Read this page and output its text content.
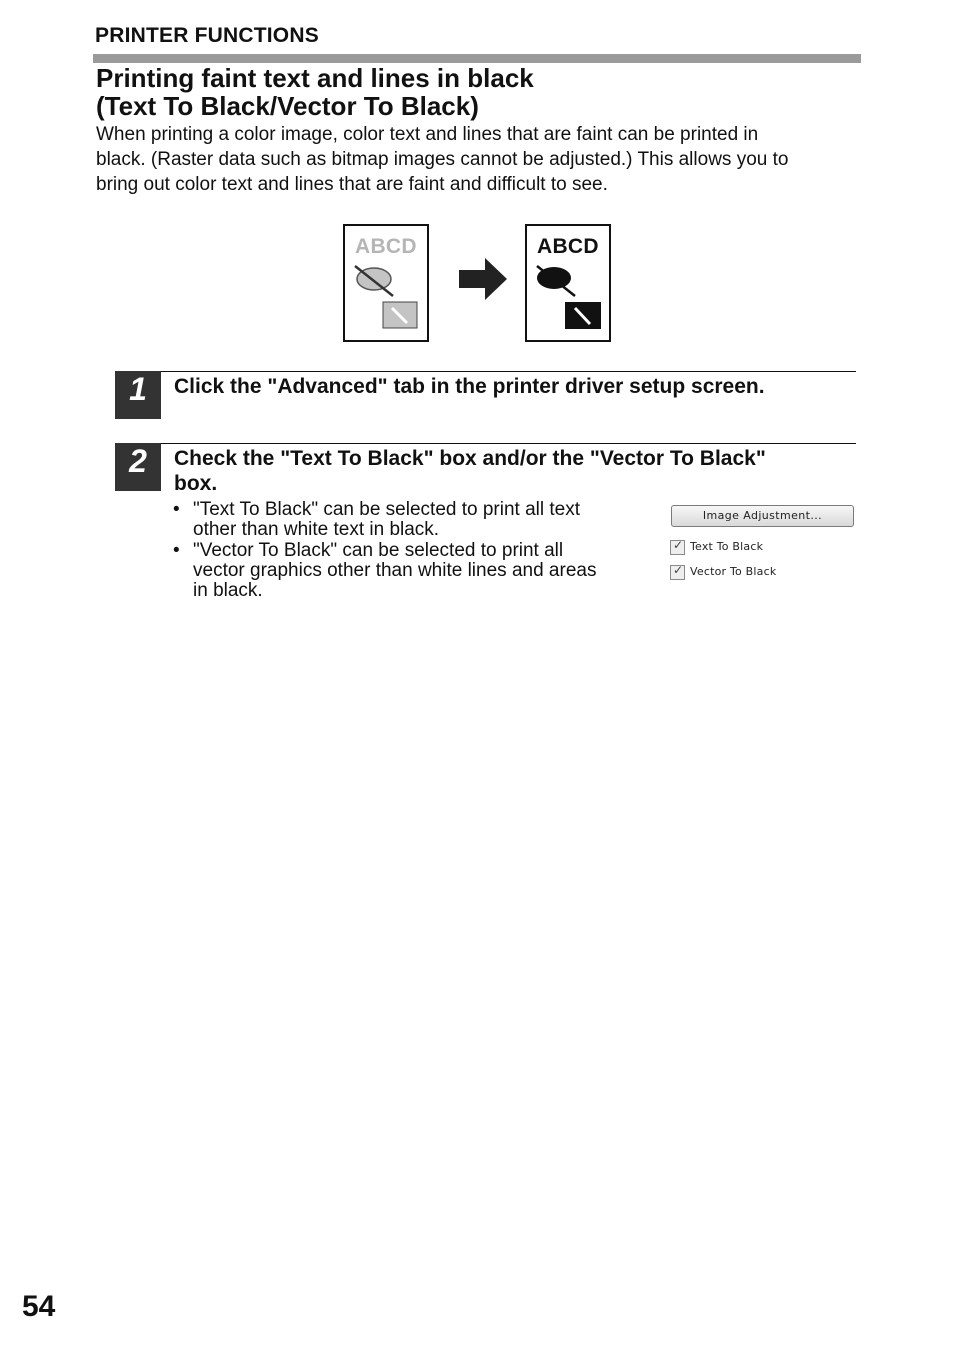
PRINTER FUNCTIONS
Printing faint text and lines in black
(Text To Black/Vector To Black)
When printing a color image, color text and lines that are faint can be printed in
black. (Raster data such as bitmap images cannot be adjusted.) This allows you to
bring out color text and lines that are faint and difficult to see.
ABCD	ABCD
1	Click the "Advanced" tab in the printer driver setup screen.
2	Check the "Text To Black" box and/or the "Vector To Black"
box.
• "Text To Black" can be selected to print all text
other than white text in black.
• "Vector To Black" can be selected to print all
vector graphics other than white lines and areas
in black.
Image Adjustment...
✓ Text To Black
✓ Vector To Black
54
